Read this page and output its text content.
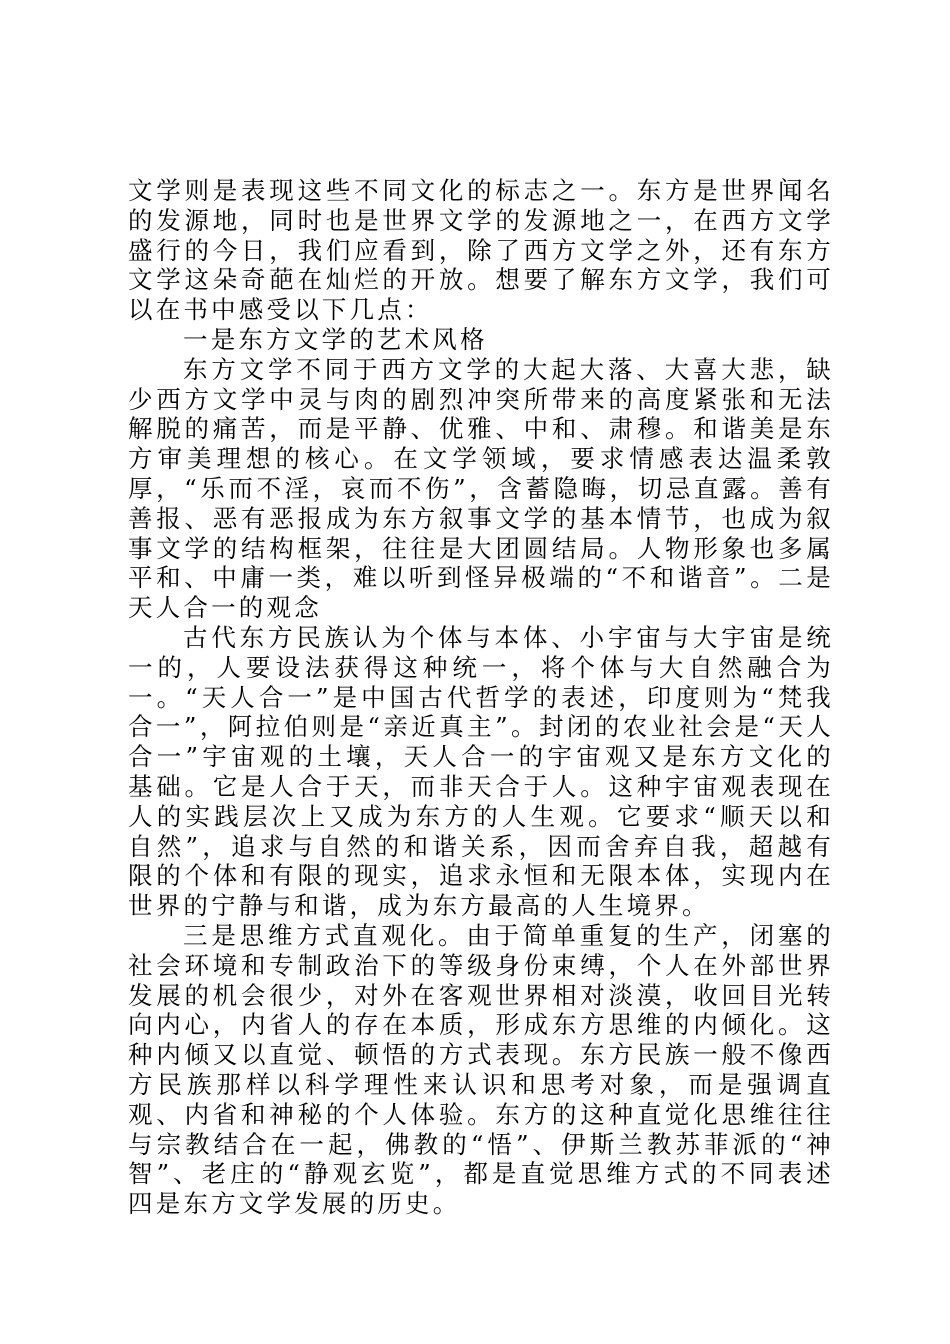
文学则是表现这些不同文化的标志之一。东方是世界闻名的发源地，同时也是世界文学的发源地之一，在西方文学盛行的今日，我们应看到，除了西方文学之外，还有东方文学这朵奇葩在灿烂的开放。想要了解东方文学，我们可以在书中感受以下几点：

一是东方文学的艺术风格

东方文学不同于西方文学的大起大落、大喜大悲，缺少西方文学中灵与肉的剧烈冲突所带来的高度紧张和无法解脱的痛苦，而是平静、优雅、中和、肃穆。和谐美是东方审美理想的核心。在文学领域，要求情感表达温柔敦厚，“乐而不淫，哀而不伤”，含蓄隐晦，切忌直露。善有善报、恶有恶报成为东方叙事文学的基本情节，也成为叙事文学的结构框架，往往是大团圆结局。人物形象也多属平和、中庸一类，难以听到怪异极端的“不和谐音”。二是天人合一的观念

古代东方民族认为个体与本体、小宇宙与大宇宙是统一的，人要设法获得这种统一，将个体与大自然融合为一。“天人合一”是中国古代哲学的表述，印度则为“梵我合一”，阿拉伯则是“亲近真主”。封闭的农业社会是“天人合一”宇宙观的土壤，天人合一的宇宙观又是东方文化的基础。它是人合于天，而非天合于人。这种宇宙观表现在人的实践层次上又成为东方的人生观。它要求“顺天以和自然”，追求与自然的和谐关系，因而舍弃自我，超越有限的个体和有限的现实，追求永恒和无限本体，实现内在世界的宁静与和谐，成为东方最高的人生境界。

三是思维方式直观化。由于简单重复的生产，闭塞的社会环境和专制政治下的等级身份束缚，个人在外部世界发展的机会很少，对外在客观世界相对淡漠，收回目光转向内心，内省人的存在本质，形成东方思维的内倾化。这种内倾又以直觉、顿悟的方式表现。东方民族一般不像西方民族那样以科学理性来认识和思考对象，而是强调直观、内省和神秘的个人体验。东方的这种直觉化思维往往与宗教结合在一起，佛教的“悟”、伊斯兰教苏菲派的“神智”、老庄的“静观玄览”，都是直觉思维方式的不同表述四是东方文学发展的历史。
